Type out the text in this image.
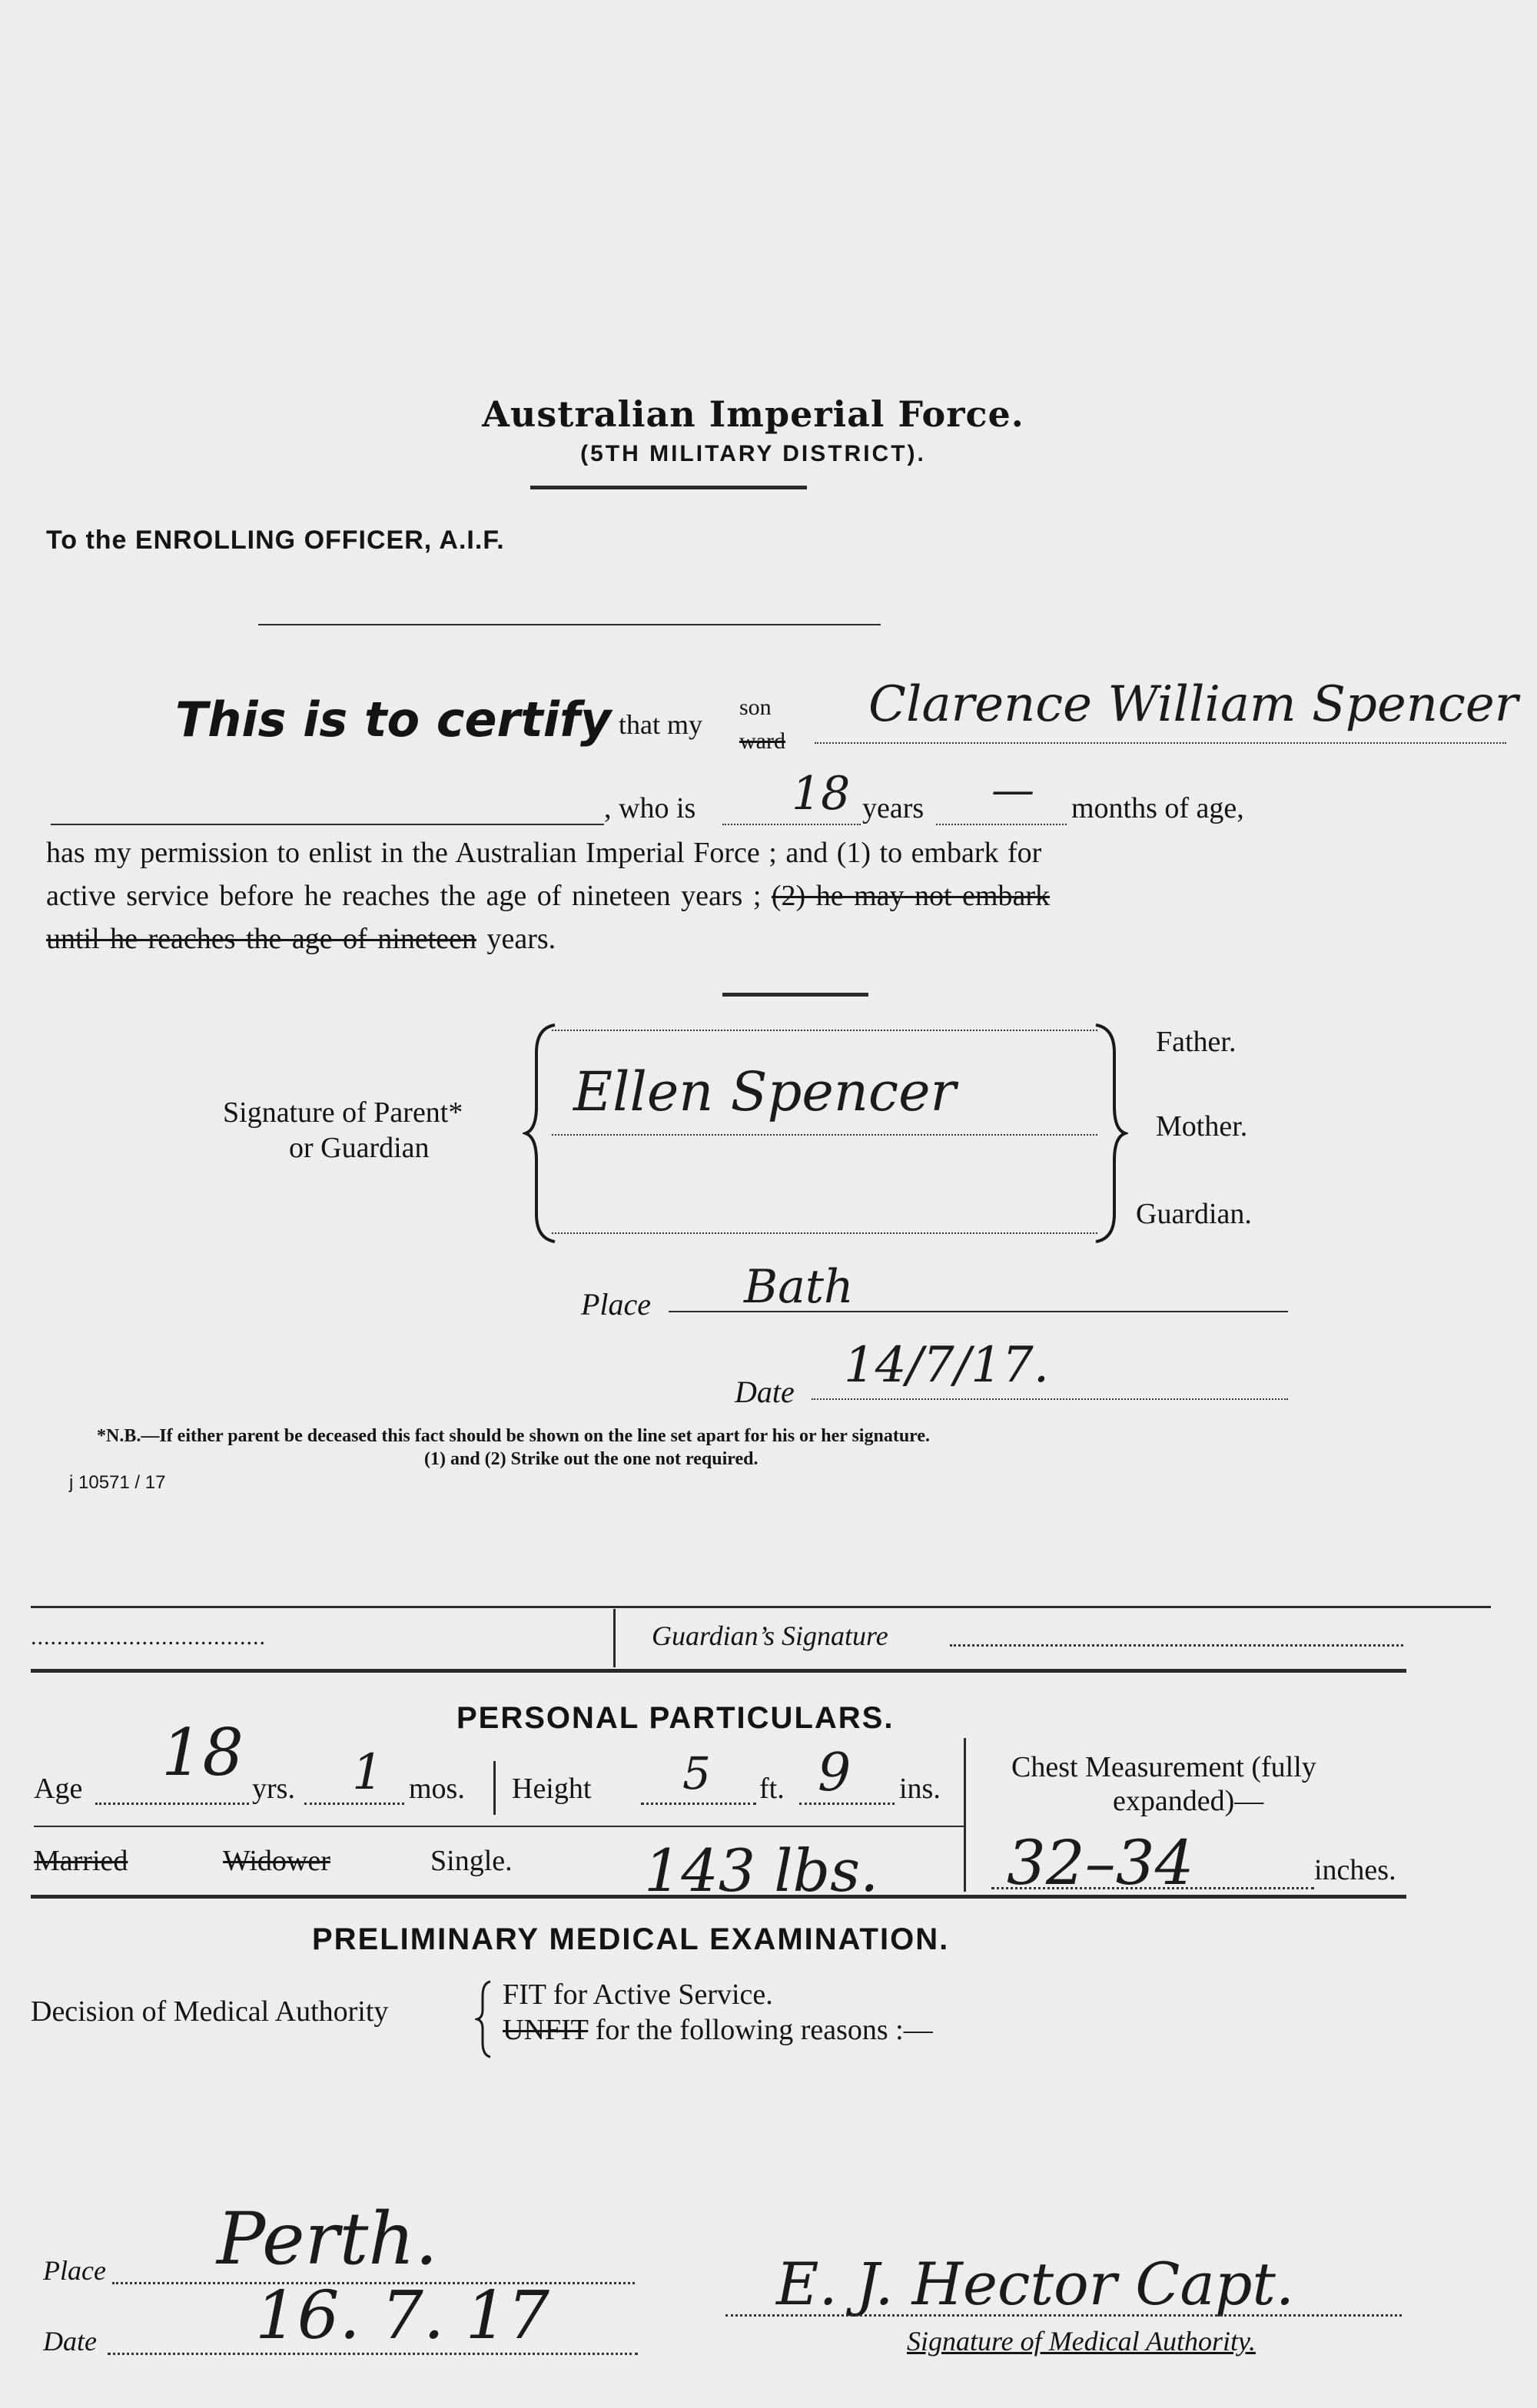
Australian Imperial Force.
(5TH MILITARY DISTRICT).
To the ENROLLING OFFICER, A.I.F.
This is to certify that my
son
ward
Clarence William Spencer
, who is 18 years — months of age,
has my permission to enlist in the Australian Imperial Force ; and (1) to embark for
active service before he reaches the age of nineteen years ; (2) he may not embark
until he reaches the age of nineteen years.
Signature of Parent*
or Guardian
Ellen Spencer
Father.
Mother.
Guardian.
Place Bath
Date 14/7/17.
*N.B.—If either parent be deceased this fact should be shown on the line set apart for his or her signature.
(1) and (2) Strike out the one not required.
j 10571 / 17
....................................	Guardian’s Signature
PERSONAL PARTICULARS.
Age 18 yrs. 1 mos. Height 5 ft. 9 ins.
Chest Measurement (fully
expanded)—
Married	Widower	Single. 143 lbs. 32–34	inches.
PRELIMINARY MEDICAL EXAMINATION.
Decision of Medical Authority
FIT for Active Service.
UNFIT for the following reasons :—
Place Perth.
Date 16. 7. 17	E. J. Hector Capt.
Signature of Medical Authority.
